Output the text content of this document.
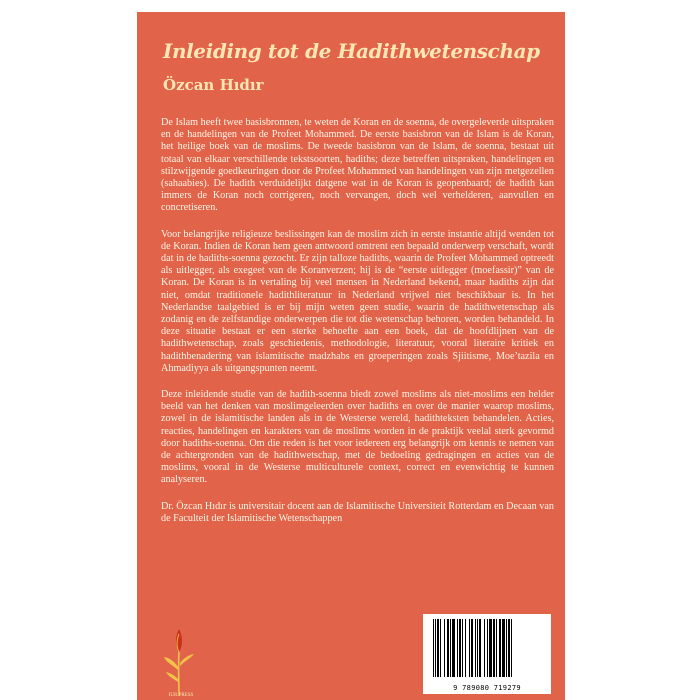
Inleiding tot de Hadithwetenschap
Özcan Hıdır

De Islam heeft twee basisbronnen, te weten de Koran en de soenna, de overgeleverde uitspraken en de handelingen van de Profeet Mohammed. De eerste basisbron van de Islam is de Koran, het heilige boek van de moslims. De tweede basisbron van de Islam, de soenna, bestaat uit totaal van elkaar verschillende tekstsoorten, hadiths; deze betreffen uitspraken, handelingen en stilzwijgende goedkeuringen door de Profeet Mohammed van handelingen van zijn metgezellen (sahaabies). De hadith verduidelijkt datgene wat in de Koran is geopenbaard; de hadith kan immers de Koran noch corrigeren, noch vervangen, doch wel verhelderen, aanvullen en concretiseren.

Voor belangrijke religieuze beslissingen kan de moslim zich in eerste instantie altijd wenden tot de Koran. Indien de Koran hem geen antwoord omtrent een bepaald onderwerp verschaft, wordt dat in de hadiths-soenna gezocht. Er zijn talloze hadiths, waarin de Profeet Mohammed optreedt als uitlegger, als exegeet van de Koranverzen; hij is de “eerste uitlegger (moefassir)” van de Koran. De Koran is in vertaling bij veel mensen in Nederland bekend, maar hadiths zijn dat niet, omdat traditionele hadithliteratuur in Nederland vrijwel niet beschikbaar is. In het Nederlandse taalgebied is er bij mijn weten geen studie, waarin de hadithwetenschap als zodanig en de zelfstandige onderwerpen die tot die wetenschap behoren, worden behandeld. In deze situatie bestaat er een sterke behoefte aan een boek, dat de hoofdlijnen van de hadithwetenschap, zoals geschiedenis, methodologie, literatuur, vooral literaire kritiek en hadithbenadering van islamitische madzhabs en groeperingen zoals Sjiitisme, Moe’tazila en Ahmadiyya als uitgangspunten neemt.

Deze inleidende studie van de hadith-soenna biedt zowel moslims als niet-moslims een helder beeld van het denken van moslimgeleerden over hadiths en over de manier waarop moslims, zowel in de islamitische landen als in de Westerse wereld, hadithteksten behandelen. Acties, reacties, handelingen en karakters van de moslims worden in de praktijk veelal sterk gevormd door hadiths-soenna. Om die reden is het voor iedereen erg belangrijk om kennis te nemen van de achtergronden van de hadithwetschap, met de bedoeling gedragingen en acties van de moslims, vooral in de Westerse multiculturele context, correct en evenwichtig te kunnen analyseren.

Dr. Özcan Hıdır is universitair docent aan de Islamitische Universiteit Rotterdam en Decaan van de Faculteit der Islamitische Wetenschappen

IUR PRESS
9 789080 719279
